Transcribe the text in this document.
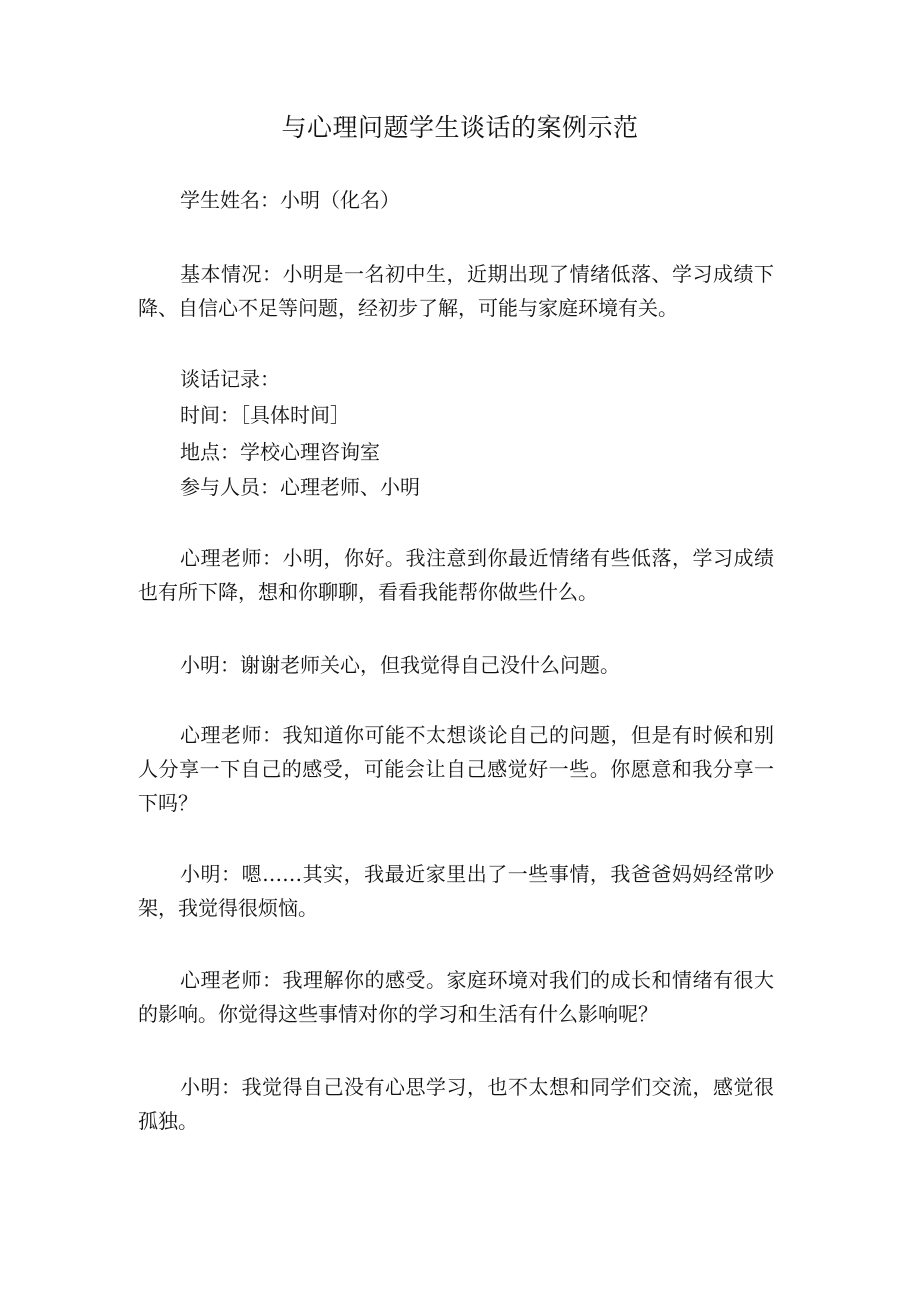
与心理问题学生谈话的案例示范

学生姓名：小明（化名）

基本情况：小明是一名初中生，近期出现了情绪低落、学习成绩下降、自信心不足等问题，经初步了解，可能与家庭环境有关。

谈话记录：

时间：［具体时间］

地点：学校心理咨询室

参与人员：心理老师、小明

心理老师：小明，你好。我注意到你最近情绪有些低落，学习成绩也有所下降，想和你聊聊，看看我能帮你做些什么。

小明：谢谢老师关心，但我觉得自己没什么问题。

心理老师：我知道你可能不太想谈论自己的问题，但是有时候和别人分享一下自己的感受，可能会让自己感觉好一些。你愿意和我分享一下吗？

小明：嗯……其实，我最近家里出了一些事情，我爸爸妈妈经常吵架，我觉得很烦恼。

心理老师：我理解你的感受。家庭环境对我们的成长和情绪有很大的影响。你觉得这些事情对你的学习和生活有什么影响呢？

小明：我觉得自己没有心思学习，也不太想和同学们交流，感觉很孤独。
